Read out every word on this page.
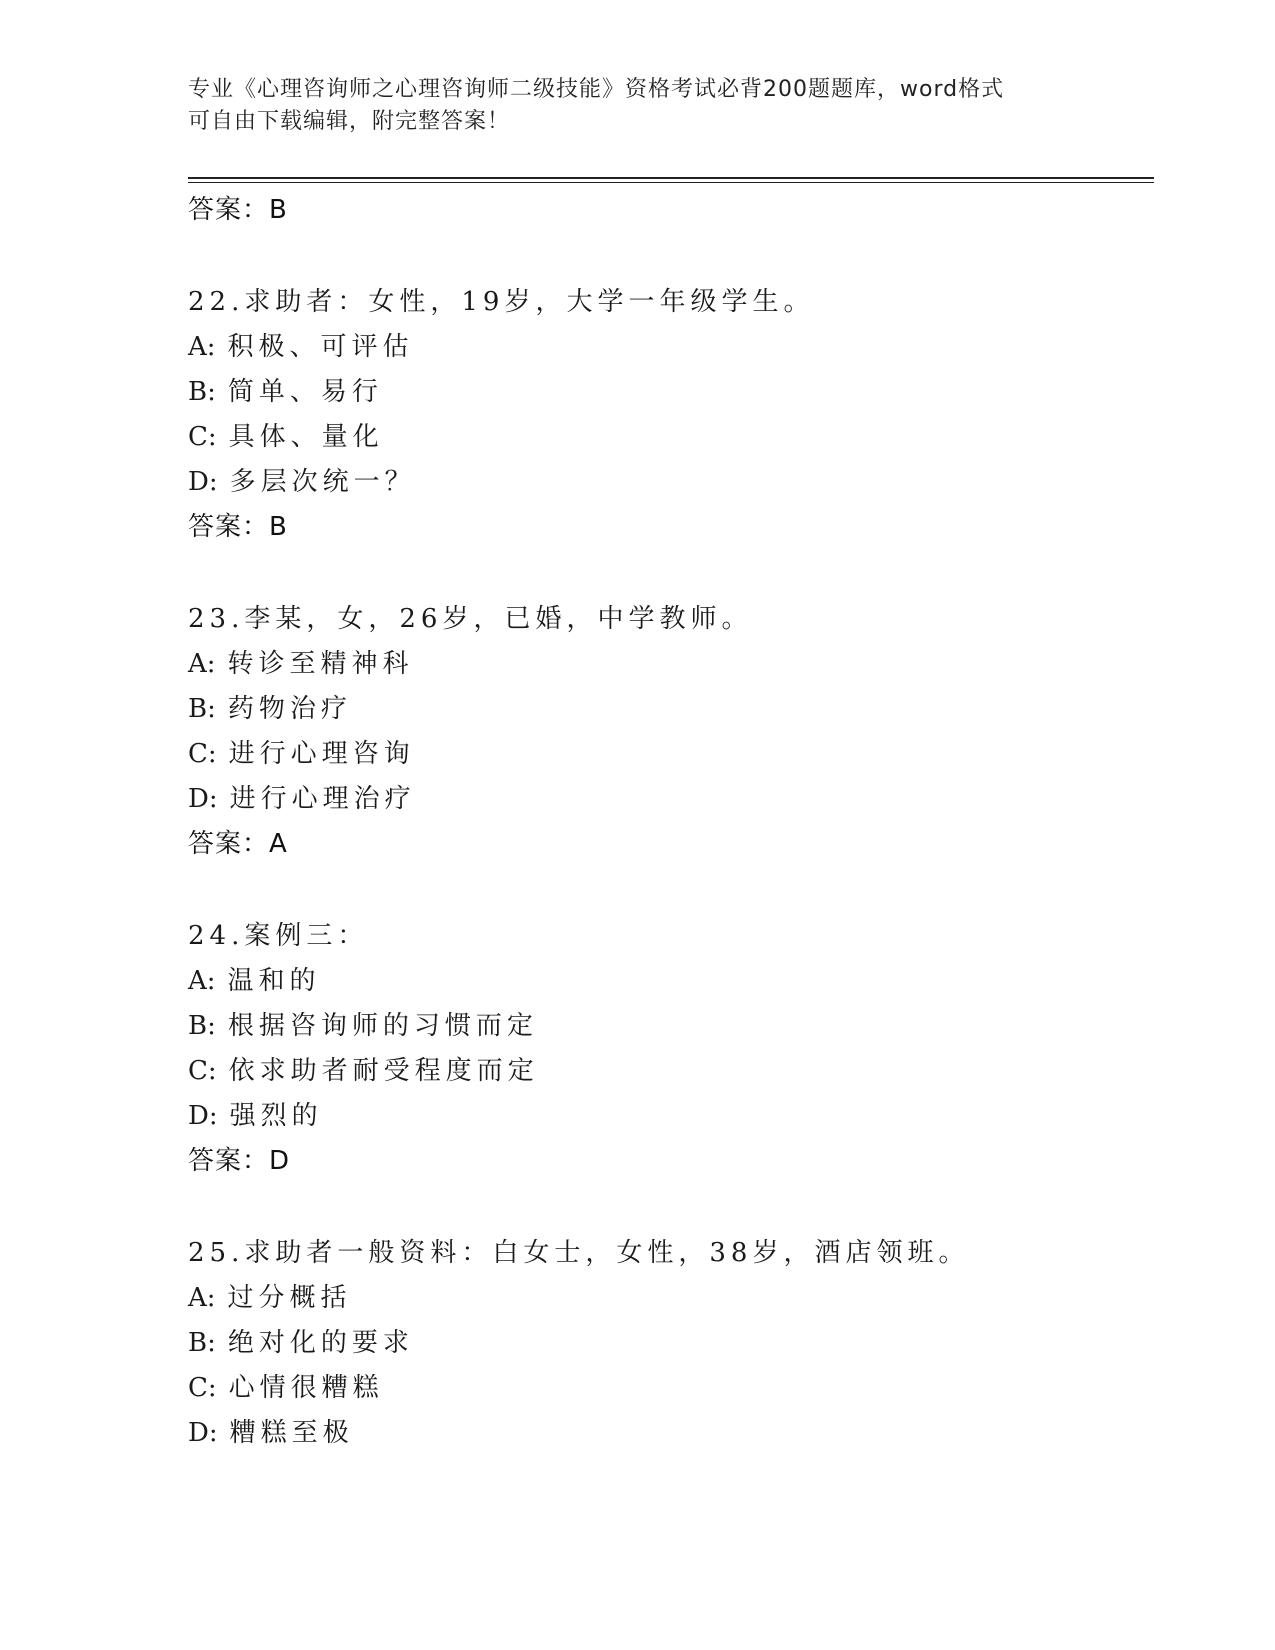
专业《心理咨询师之心理咨询师二级技能》资格考试必背200题题库，word格式
可自由下载编辑，附完整答案！
答案：B
22.求助者：女性，19岁，大学一年级学生。
A: 积极、可评估
B: 简单、易行
C: 具体、量化
D: 多层次统一？
答案：B
23.李某，女，26岁，已婚，中学教师。
A: 转诊至精神科
B: 药物治疗
C: 进行心理咨询
D: 进行心理治疗
答案：A
24.案例三：
A: 温和的
B: 根据咨询师的习惯而定
C: 依求助者耐受程度而定
D: 强烈的
答案：D
25.求助者一般资料：白女士，女性，38岁，酒店领班。
A: 过分概括
B: 绝对化的要求
C: 心情很糟糕
D: 糟糕至极
